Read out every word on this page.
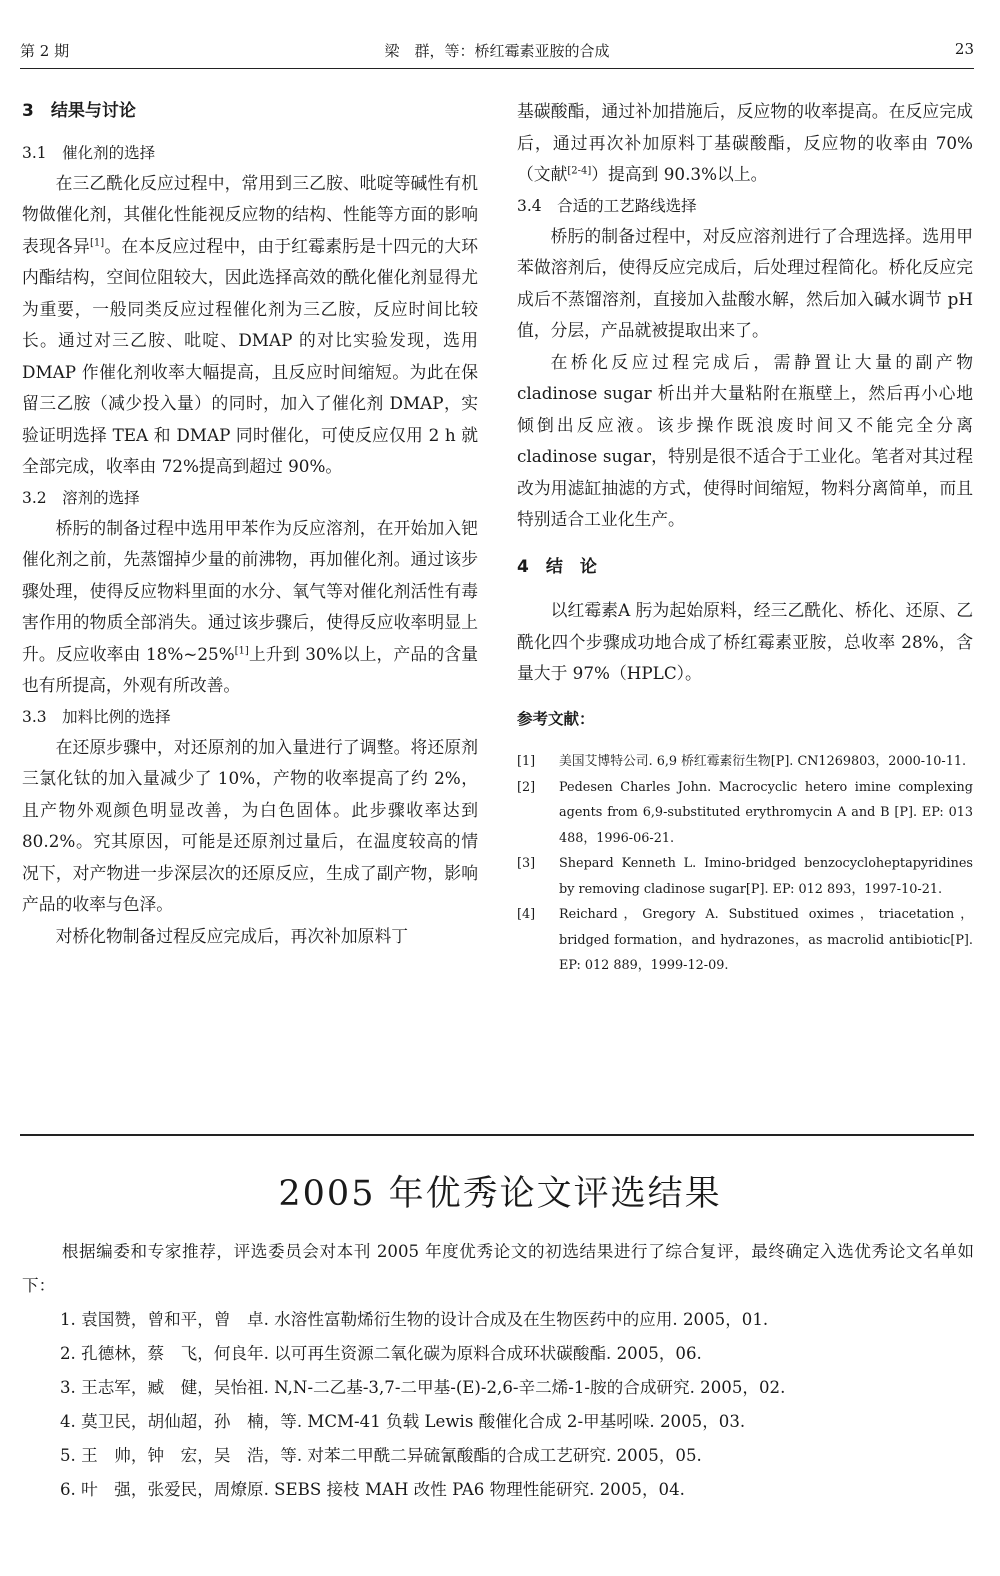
第 2 期	梁　群，等：桥红霉素亚胺的合成	23
3　结果与讨论
3.1　催化剂的选择

在三乙酰化反应过程中，常用到三乙胺、吡啶等碱性有机物做催化剂，其催化性能视反应物的结构、性能等方面的影响表现各异[1]。在本反应过程中，由于红霉素肟是十四元的大环内酯结构，空间位阻较大，因此选择高效的酰化催化剂显得尤为重要，一般同类反应过程催化剂为三乙胺，反应时间比较长。通过对三乙胺、吡啶、DMAP 的对比实验发现，选用 DMAP 作催化剂收率大幅提高，且反应时间缩短。为此在保留三乙胺（减少投入量）的同时，加入了催化剂 DMAP，实验证明选择 TEA 和 DMAP 同时催化，可使反应仅用 2 h 就全部完成，收率由 72%提高到超过 90%。

3.2　溶剂的选择

桥肟的制备过程中选用甲苯作为反应溶剂，在开始加入钯催化剂之前，先蒸馏掉少量的前沸物，再加催化剂。通过该步骤处理，使得反应物料里面的水分、氧气等对催化剂活性有毒害作用的物质全部消失。通过该步骤后，使得反应收率明显上升。反应收率由 18%~25%[1]上升到 30%以上，产品的含量也有所提高，外观有所改善。

3.3　加料比例的选择

在还原步骤中，对还原剂的加入量进行了调整。将还原剂三氯化钛的加入量减少了 10%，产物的收率提高了约 2%，且产物外观颜色明显改善，为白色固体。此步骤收率达到 80.2%。究其原因，可能是还原剂过量后，在温度较高的情况下，对产物进一步深层次的还原反应，生成了副产物，影响产品的收率与色泽。

对桥化物制备过程反应完成后，再次补加原料丁

基碳酸酯，通过补加措施后，反应物的收率提高。在反应完成后，通过再次补加原料丁基碳酸酯，反应物的收率由 70%（文献[2-4]）提高到 90.3%以上。

3.4　合适的工艺路线选择

桥肟的制备过程中，对反应溶剂进行了合理选择。选用甲苯做溶剂后，使得反应完成后，后处理过程简化。桥化反应完成后不蒸馏溶剂，直接加入盐酸水解，然后加入碱水调节 pH 值，分层，产品就被提取出来了。

在桥化反应过程完成后，需静置让大量的副产物 cladinose sugar 析出并大量粘附在瓶壁上，然后再小心地倾倒出反应液。该步操作既浪废时间又不能完全分离 cladinose sugar，特别是很不适合于工业化。笔者对其过程改为用滤缸抽滤的方式，使得时间缩短，物料分离简单，而且特别适合工业化生产。

4　结　论

以红霉素A 肟为起始原料，经三乙酰化、桥化、还原、乙酰化四个步骤成功地合成了桥红霉素亚胺，总收率 28%，含量大于 97%（HPLC）。

参考文献：
[1] 美国艾博特公司. 6,9 桥红霉素衍生物[P]. CN1269803，2000-10-11.
[2] Pedesen Charles John. Macrocyclic hetero imine complexing agents from 6,9-substituted erythromycin A and B [P]. EP: 013 488，1996-06-21.
[3] Shepard Kenneth L. Imino-bridged benzocycloheptapyridines by removing cladinose sugar[P]. EP: 012 893，1997-10-21.
[4] Reichard，Gregory A. Substitued oximes，triacetation，bridged formation，and hydrazones，as macrolid antibiotic[P]. EP: 012 889，1999-12-09.
2005 年优秀论文评选结果

根据编委和专家推荐，评选委员会对本刊 2005 年度优秀论文的初选结果进行了综合复评，最终确定入选优秀论文名单如下：

1. 袁国赞，曾和平，曾　卓. 水溶性富勒烯衍生物的设计合成及在生物医药中的应用. 2005，01.
2. 孔德林，蔡　飞，何良年. 以可再生资源二氧化碳为原料合成环状碳酸酯. 2005，06.
3. 王志军，臧　健，吴怡祖. N,N-二乙基-3,7-二甲基-(E)-2,6-辛二烯-1-胺的合成研究. 2005，02.
4. 莫卫民，胡仙超，孙　楠，等. MCM-41 负载 Lewis 酸催化合成 2-甲基吲哚. 2005，03.
5. 王　帅，钟　宏，吴　浩，等. 对苯二甲酰二异硫氰酸酯的合成工艺研究. 2005，05.
6. 叶　强，张爱民，周燎原. SEBS 接枝 MAH 改性 PA6 物理性能研究. 2005，04.
